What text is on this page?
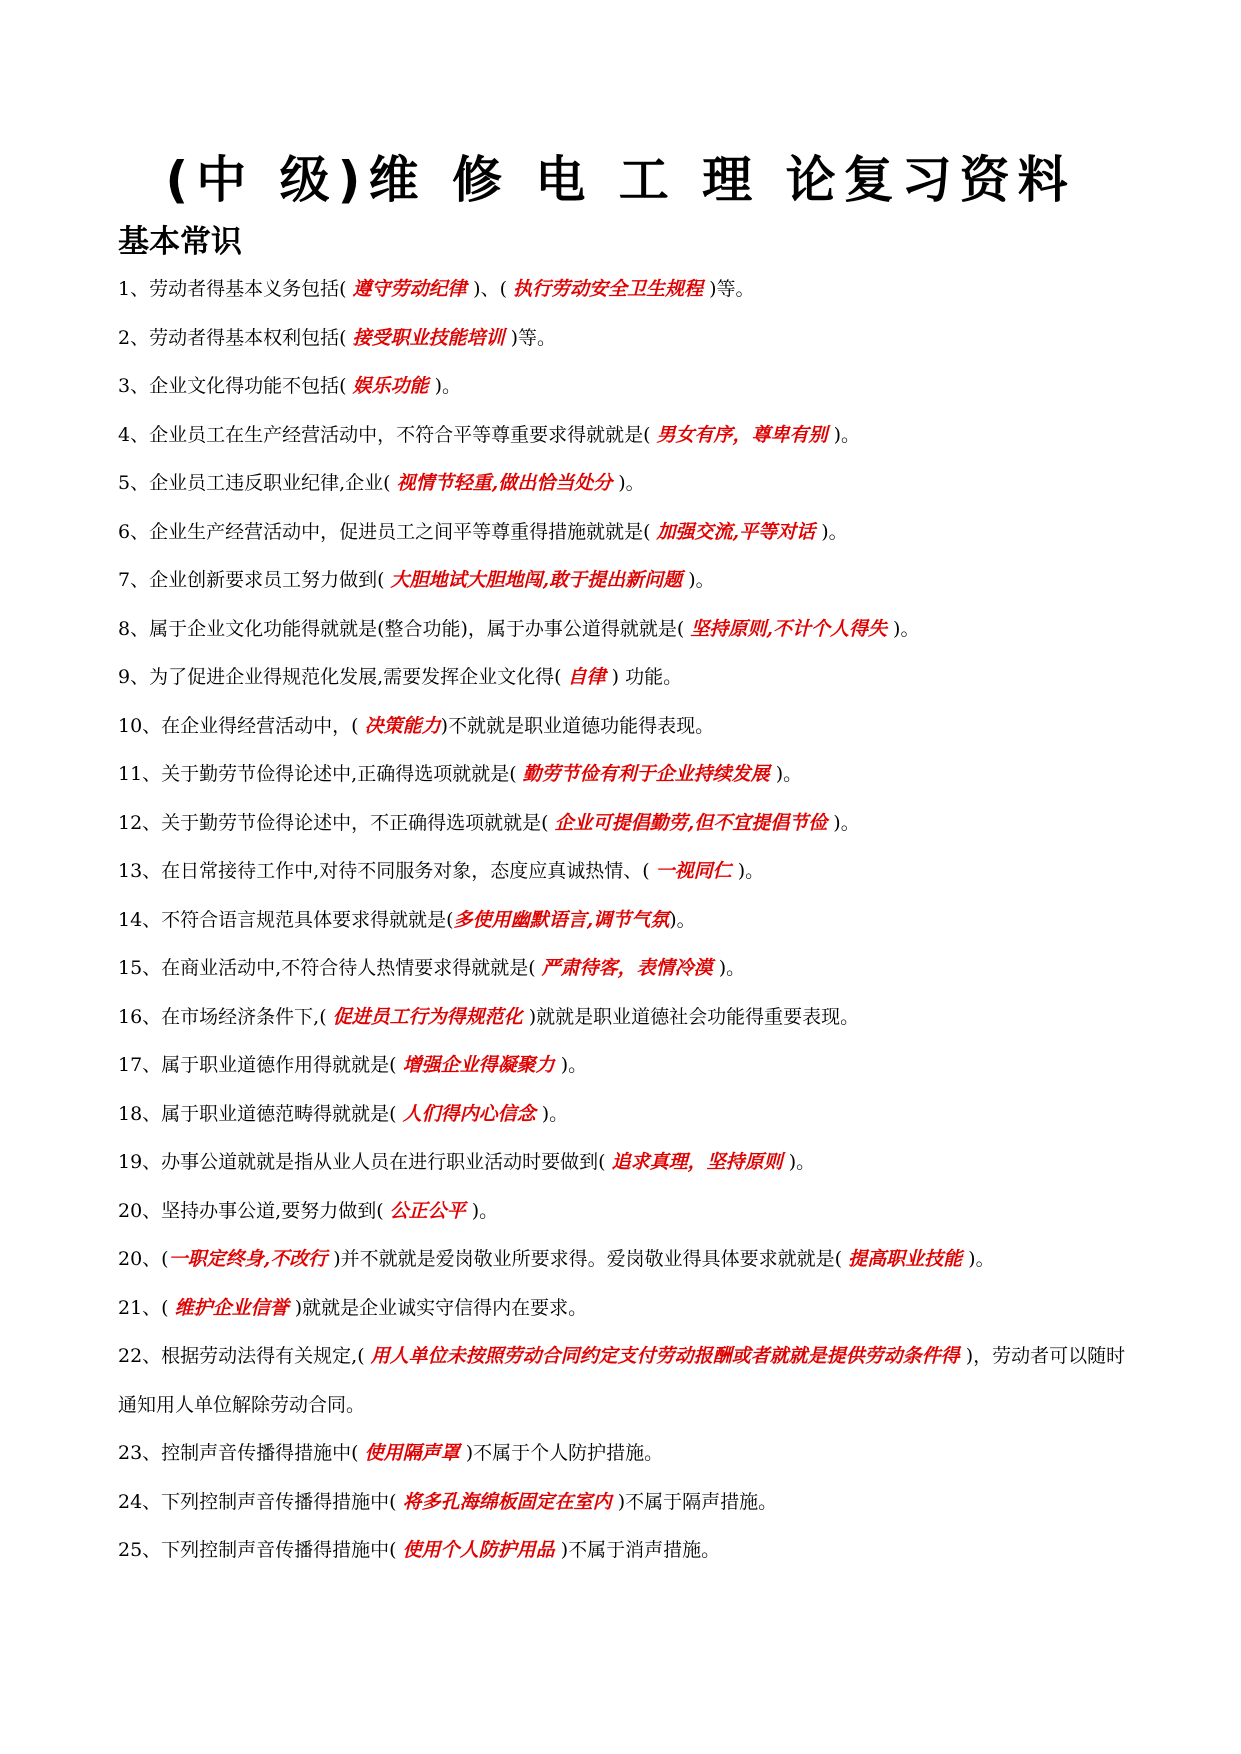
(中 级)维 修 电 工 理 论复习资料
基本常识
1、劳动者得基本义务包括( 遵守劳动纪律 )、( 执行劳动安全卫生规程 )等。
2、劳动者得基本权利包括( 接受职业技能培训 )等。
3、企业文化得功能不包括( 娱乐功能 )。
4、企业员工在生产经营活动中，不符合平等尊重要求得就就是( 男女有序，尊卑有别 )。
5、企业员工违反职业纪律,企业( 视情节轻重,做出恰当处分 )。
6、企业生产经营活动中，促进员工之间平等尊重得措施就就是( 加强交流,平等对话 )。
7、企业创新要求员工努力做到( 大胆地试大胆地闯,敢于提出新问题 )。
8、属于企业文化功能得就就是(整合功能)，属于办事公道得就就是( 坚持原则,不计个人得失 )。
9、为了促进企业得规范化发展,需要发挥企业文化得( 自律 ) 功能。
10、在企业得经营活动中，( 决策能力)不就就是职业道德功能得表现。
11、关于勤劳节俭得论述中,正确得选项就就是( 勤劳节俭有利于企业持续发展 )。
12、关于勤劳节俭得论述中，不正确得选项就就是( 企业可提倡勤劳,但不宜提倡节俭 )。
13、在日常接待工作中,对待不同服务对象，态度应真诚热情、( 一视同仁 )。
14、不符合语言规范具体要求得就就是(多使用幽默语言,调节气氛)。
15、在商业活动中,不符合待人热情要求得就就是( 严肃待客，表情冷漠 )。
16、在市场经济条件下,( 促进员工行为得规范化 )就就是职业道德社会功能得重要表现。
17、属于职业道德作用得就就是( 增强企业得凝聚力 )。
18、属于职业道德范畴得就就是( 人们得内心信念 )。
19、办事公道就就是指从业人员在进行职业活动时要做到( 追求真理，坚持原则 )。
20、坚持办事公道,要努力做到( 公正公平 )。
20、(一职定终身,不改行 )并不就就是爱岗敬业所要求得。爱岗敬业得具体要求就就是( 提高职业技能 )。
21、( 维护企业信誉 )就就是企业诚实守信得内在要求。
22、根据劳动法得有关规定,( 用人单位未按照劳动合同约定支付劳动报酬或者就就是提供劳动条件得 )，劳动者可以随时通知用人单位解除劳动合同。
23、控制声音传播得措施中( 使用隔声罩 )不属于个人防护措施。
24、下列控制声音传播得措施中( 将多孔海绵板固定在室内 )不属于隔声措施。
25、下列控制声音传播得措施中( 使用个人防护用品 )不属于消声措施。
